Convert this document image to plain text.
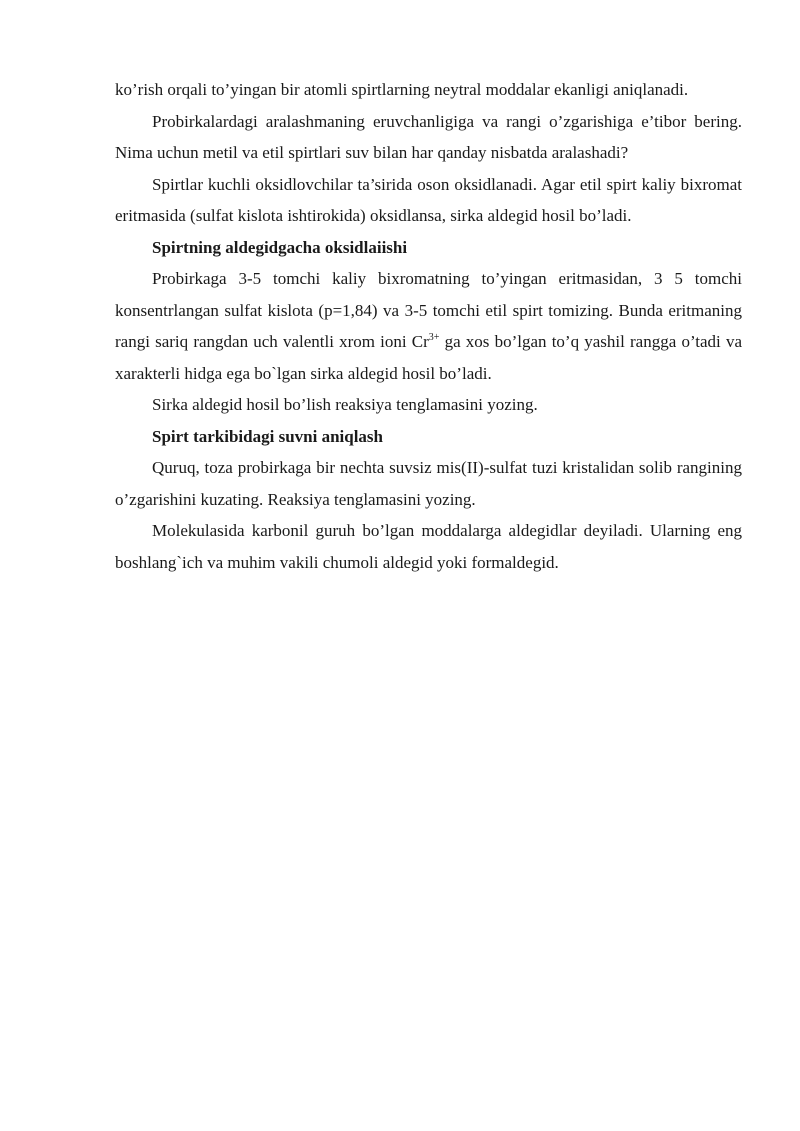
ko’rish orqali to’yingan bir atomli spirtlarning neytral moddalar ekanligi aniqlanadi.

Probirkalardagi aralashmaning eruvchanligiga va rangi o’zgarishiga e’tibor bering. Nima uchun metil va etil spirtlari suv bilan har qanday nisbatda aralashadi?

Spirtlar kuchli oksidlovchilar ta’sirida oson oksidlanadi. Agar etil spirt kaliy bixromat eritmasida (sulfat kislota ishtirokida) oksidlansa, sirka aldegid hosil bo’ladi.

Spirtning aldegidgacha oksidlaiishi

Probirkaga 3-5 tomchi kaliy bixromatning to’yingan eritmasidan, 3 5 tomchi konsentrlangan sulfat kislota (p=1,84) va 3-5 tomchi etil spirt tomizing. Bunda eritmaning rangi sariq rangdan uch valentli xrom ioni $Cr^{3+}$ ga xos bo’lgan to’q yashil rangga o’tadi va xarakterli hidga ega bo`lgan sirka aldegid hosil bo’ladi.

Sirka aldegid hosil bo’lish reaksiya tenglamasini yozing.

Spirt tarkibidagi suvni aniqlash

Quruq, toza probirkaga bir nechta suvsiz mis(II)-sulfat tuzi kristalidan solib rangining o’zgarishini kuzating. Reaksiya tenglamasini yozing.

Molekulasida karbonil guruh bo’lgan moddalarga aldegidlar deyiladi. Ularning eng boshlang`ich va muhim vakili chumoli aldegid yoki formaldegid.
